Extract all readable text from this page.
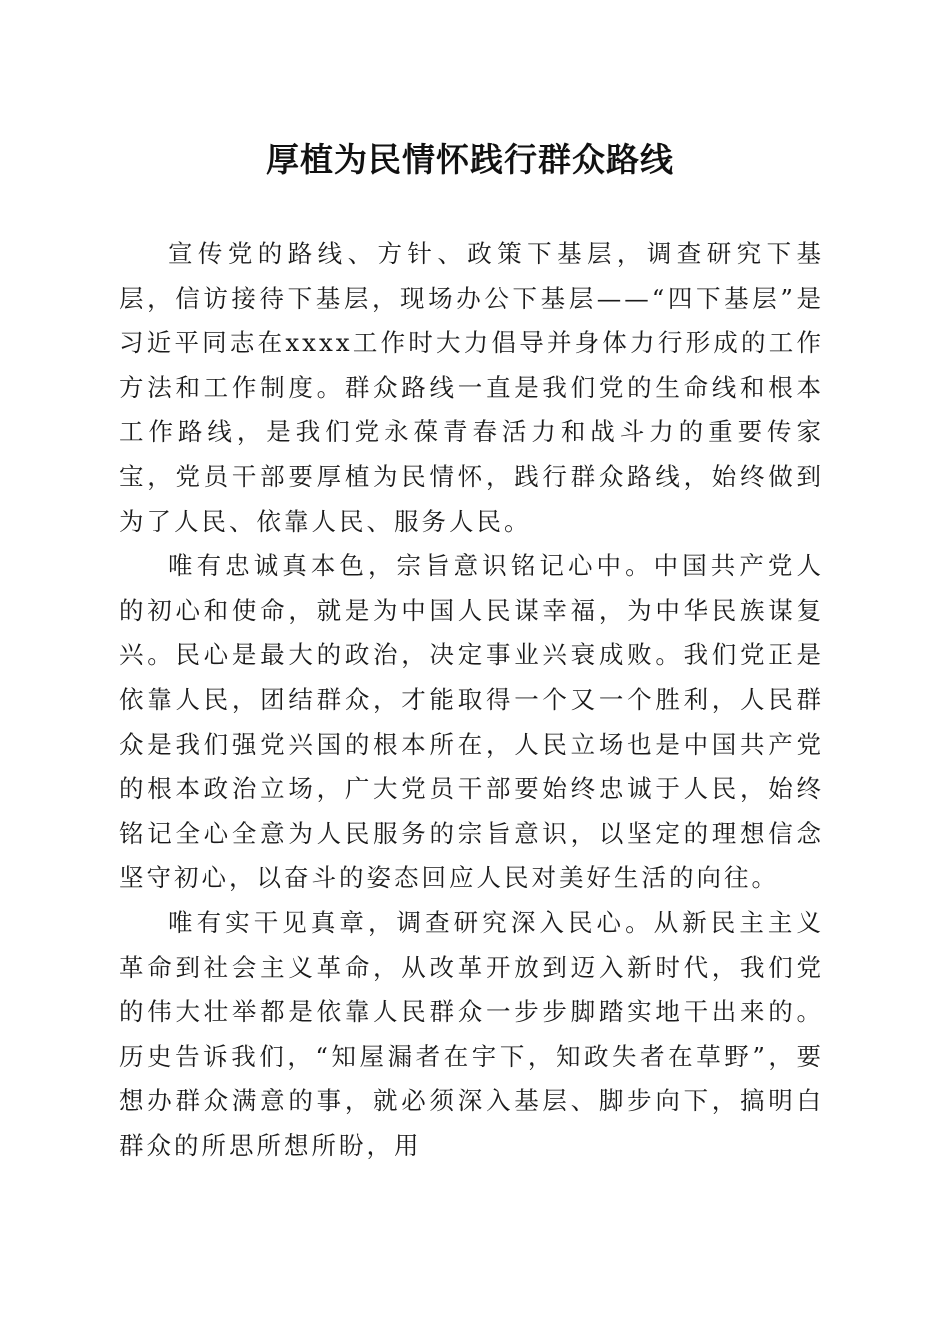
厚植为民情怀践行群众路线

宣传党的路线、方针、政策下基层，调查研究下基层，信访接待下基层，现场办公下基层——“四下基层”是习近平同志在xxxx工作时大力倡导并身体力行形成的工作方法和工作制度。群众路线一直是我们党的生命线和根本工作路线，是我们党永葆青春活力和战斗力的重要传家宝，党员干部要厚植为民情怀，践行群众路线，始终做到为了人民、依靠人民、服务人民。

唯有忠诚真本色，宗旨意识铭记心中。中国共产党人的初心和使命，就是为中国人民谋幸福，为中华民族谋复兴。民心是最大的政治，决定事业兴衰成败。我们党正是依靠人民，团结群众，才能取得一个又一个胜利，人民群众是我们强党兴国的根本所在，人民立场也是中国共产党的根本政治立场，广大党员干部要始终忠诚于人民，始终铭记全心全意为人民服务的宗旨意识，以坚定的理想信念坚守初心，以奋斗的姿态回应人民对美好生活的向往。

唯有实干见真章，调查研究深入民心。从新民主主义革命到社会主义革命，从改革开放到迈入新时代，我们党的伟大壮举都是依靠人民群众一步步脚踏实地干出来的。历史告诉我们，“知屋漏者在宇下，知政失者在草野”，要想办群众满意的事，就必须深入基层、脚步向下，搞明白群众的所思所想所盼，用
